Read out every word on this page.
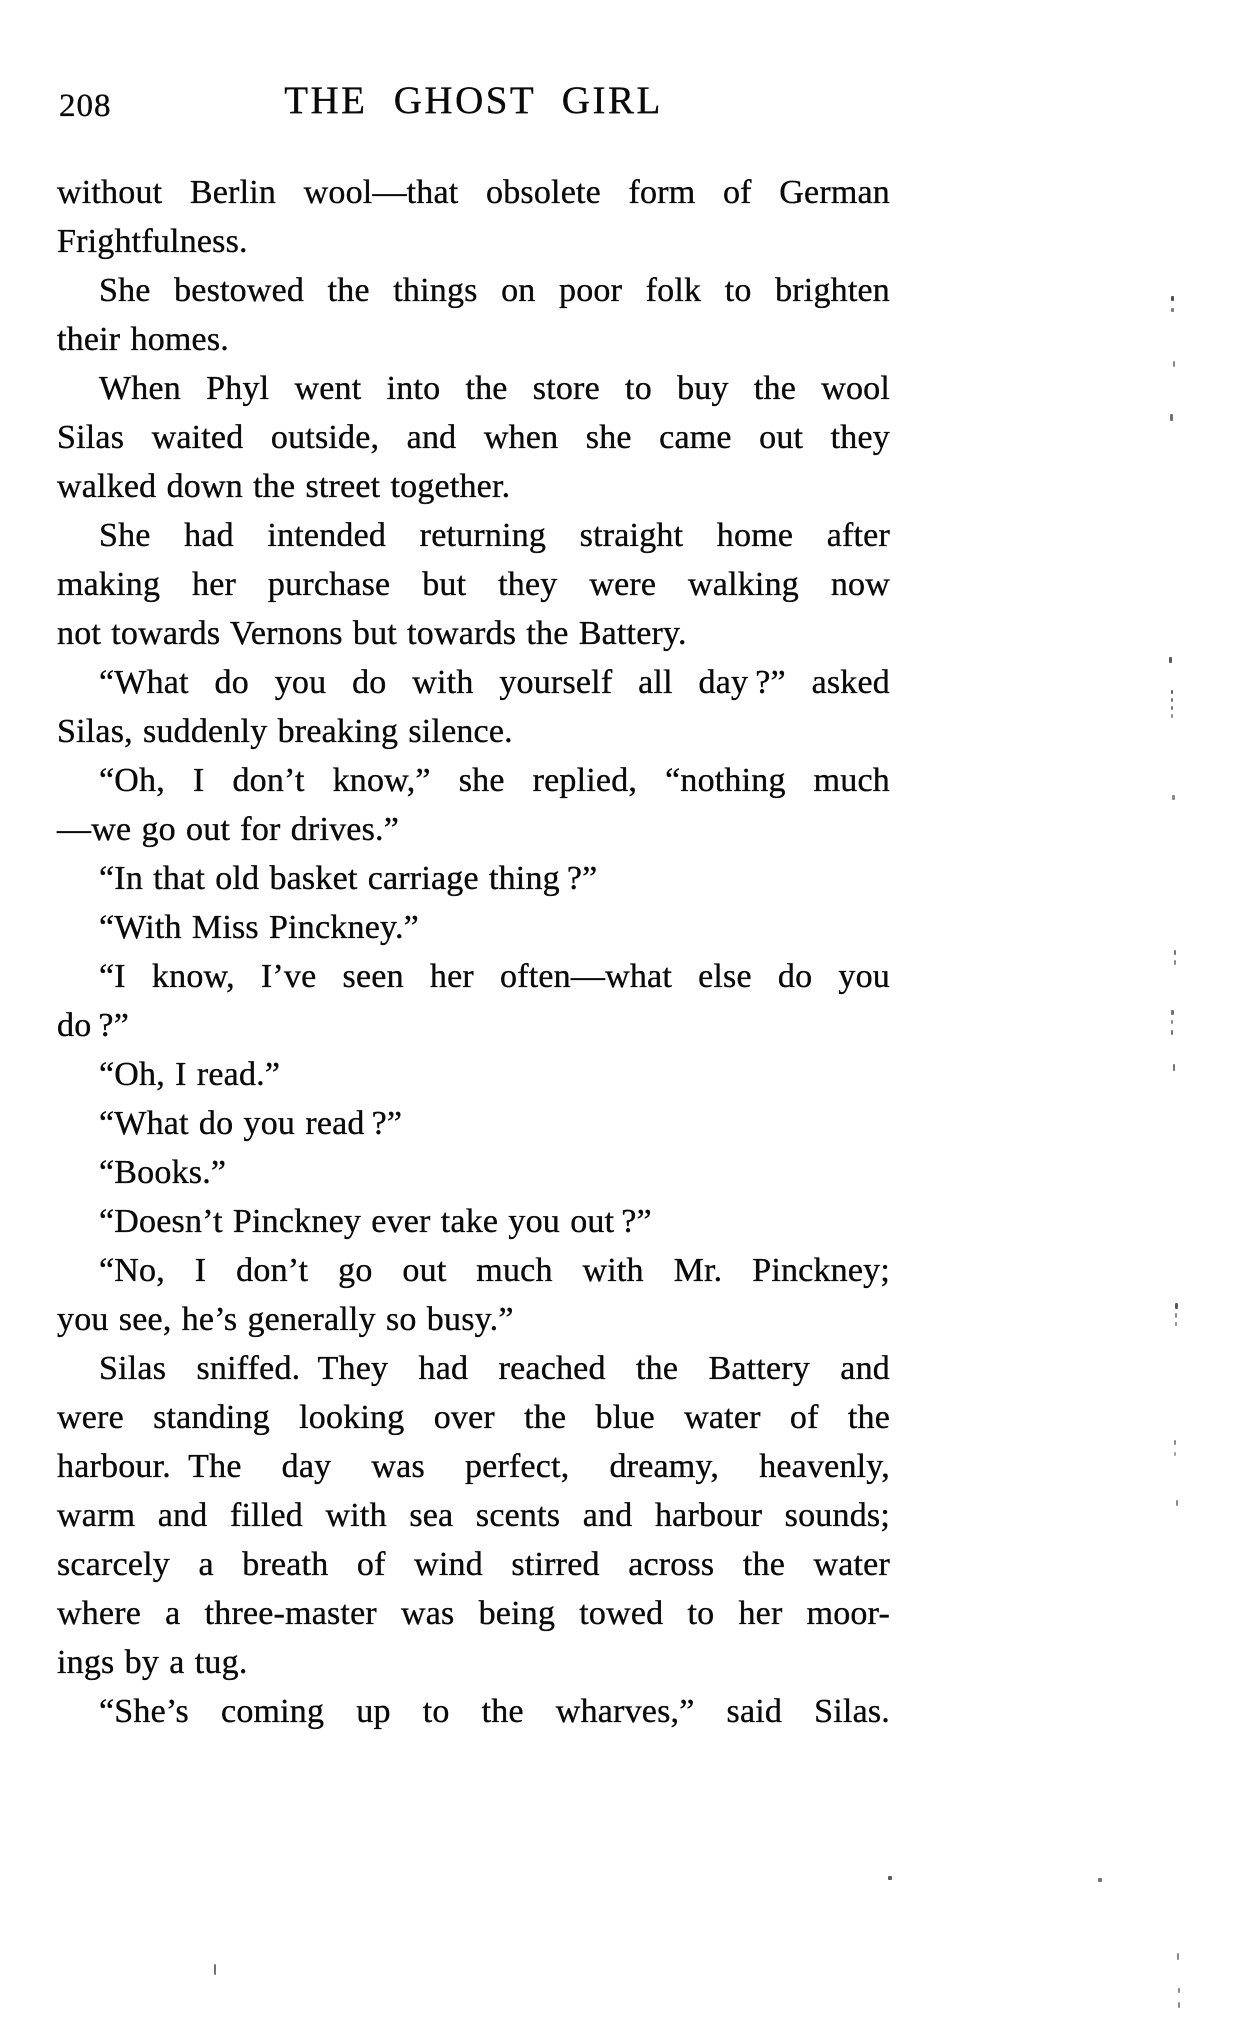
208	THE GHOST GIRL
without Berlin wool—that obsolete form of German
Frightfulness.
She bestowed the things on poor folk to brighten
their homes.
When Phyl went into the store to buy the wool
Silas waited outside, and when she came out they
walked down the street together.
She had intended returning straight home after
making her purchase but they were walking now
not towards Vernons but towards the Battery.
“What do you do with yourself all day ?” asked
Silas, suddenly breaking silence.
“Oh, I don’t know,” she replied, “nothing much
—we go out for drives.”
“In that old basket carriage thing ?”
“With Miss Pinckney.”
“I know, I’ve seen her often—what else do you
do ?”
“Oh, I read.”
“What do you read ?”
“Books.”
“Doesn’t Pinckney ever take you out ?”
“No, I don’t go out much with Mr. Pinckney;
you see, he’s generally so busy.”
Silas sniffed. They had reached the Battery and
were standing looking over the blue water of the
harbour. The day was perfect, dreamy, heavenly,
warm and filled with sea scents and harbour sounds;
scarcely a breath of wind stirred across the water
where a three-master was being towed to her moor-
ings by a tug.
“She’s coming up to the wharves,” said Silas.
